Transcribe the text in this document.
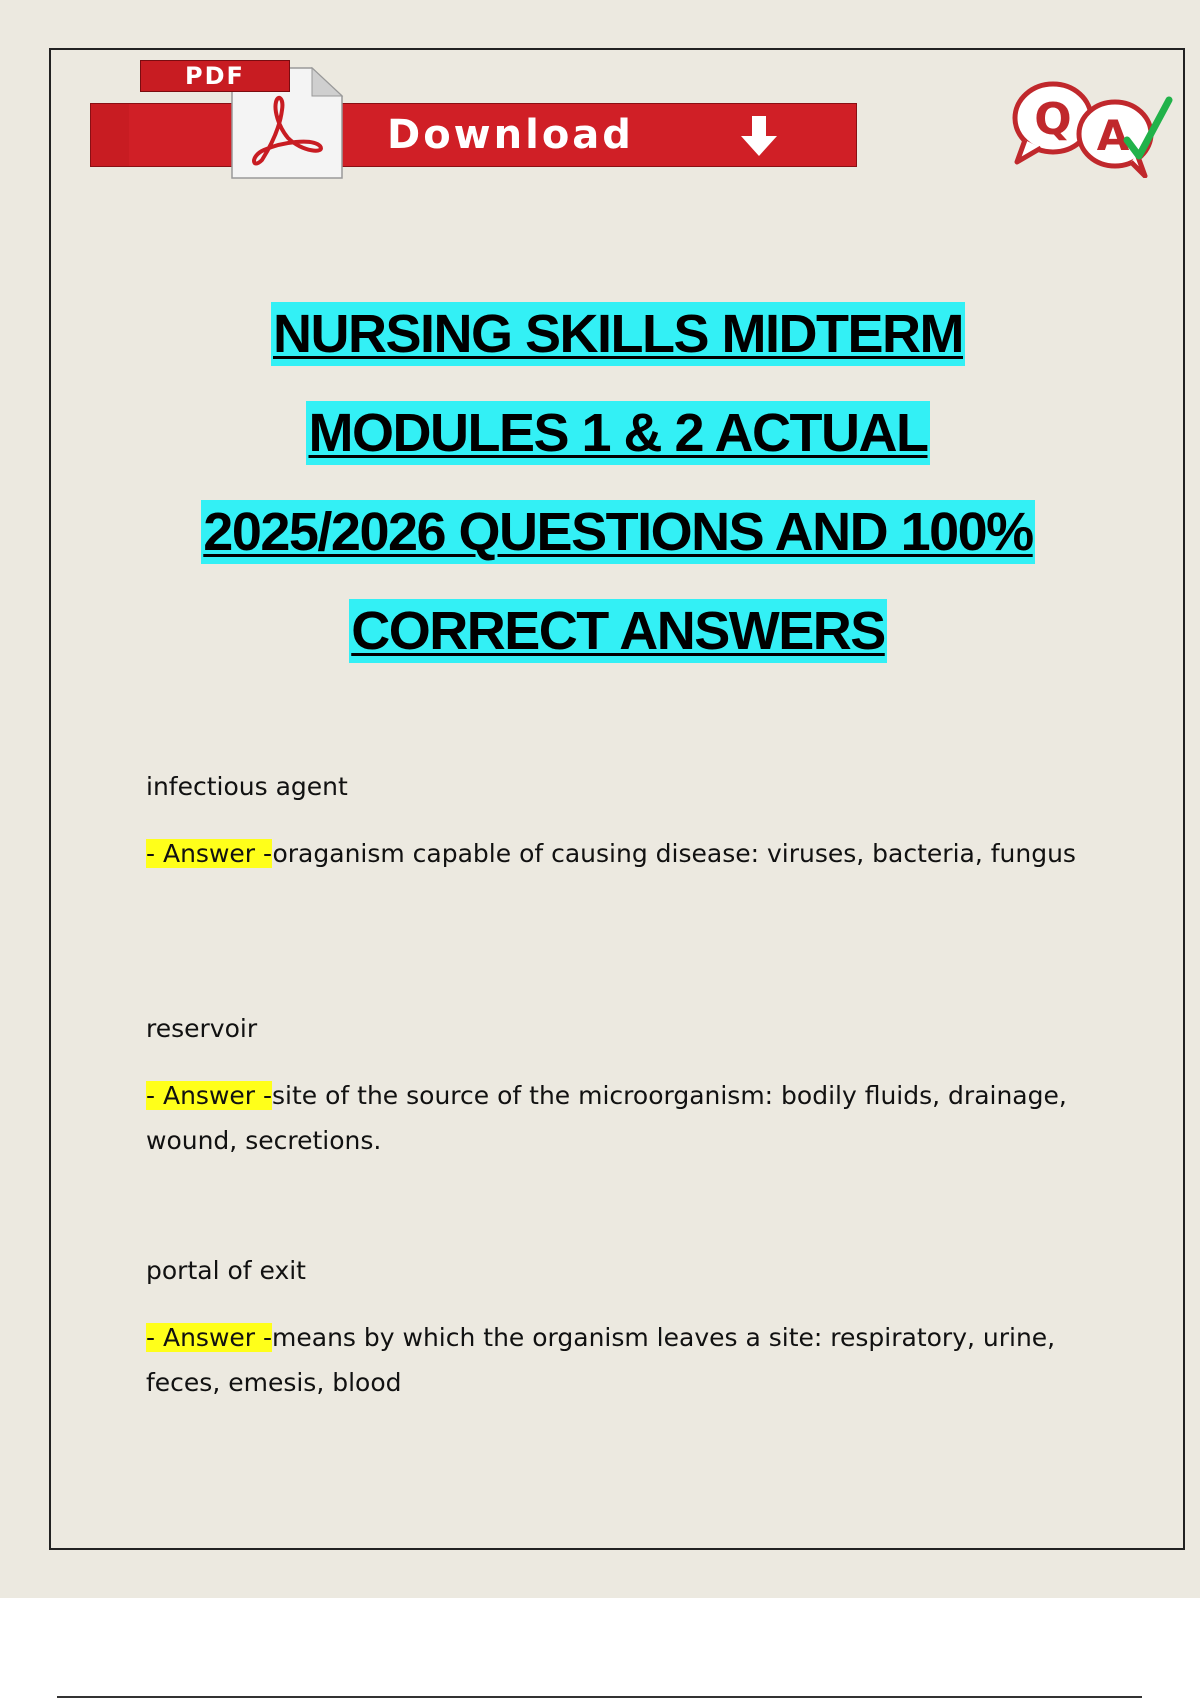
Download
PDF
Q A
NURSING SKILLS MIDTERM
MODULES 1 & 2 ACTUAL
2025/2026 QUESTIONS AND 100%
CORRECT ANSWERS

infectious agent

- Answer -oraganism capable of causing disease: viruses, bacteria, fungus

reservoir

- Answer -site of the source of the microorganism: bodily fluids, drainage, wound, secretions.

portal of exit

- Answer -means by which the organism leaves a site: respiratory, urine, feces, emesis, blood
